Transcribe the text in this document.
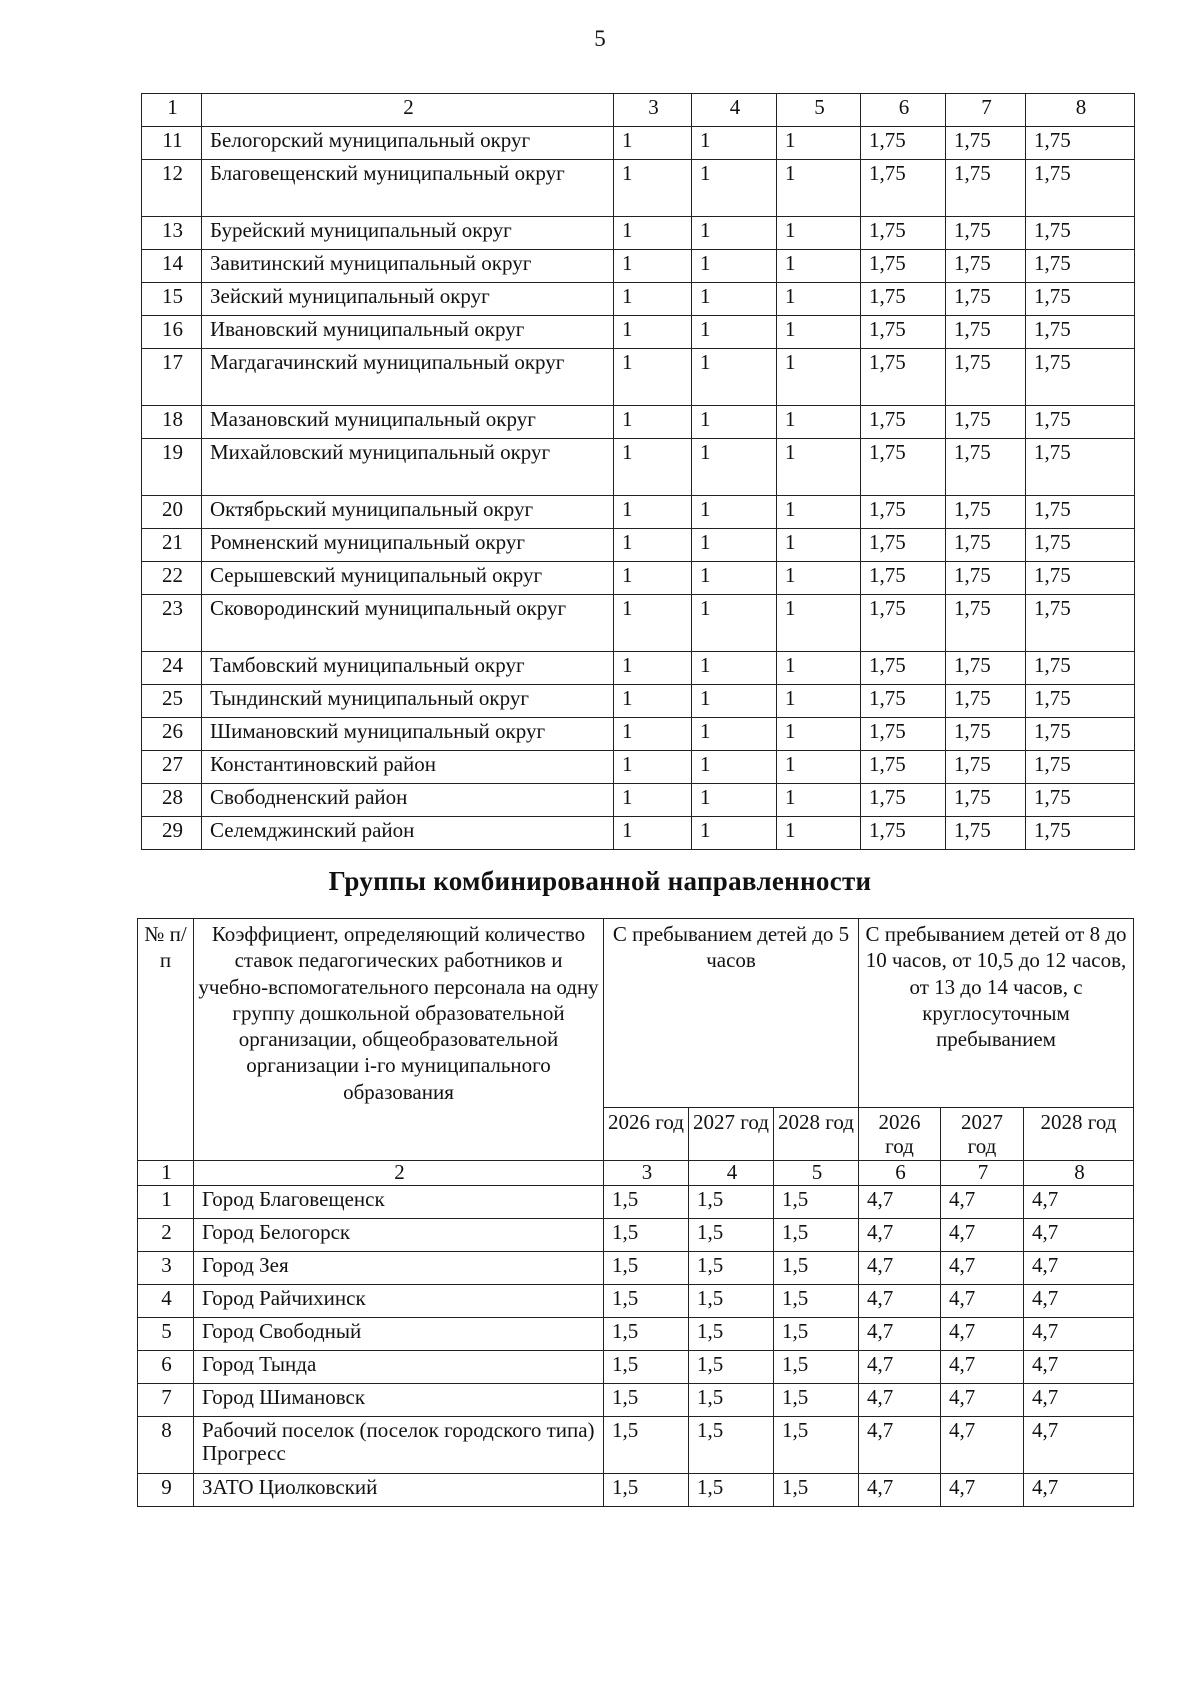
5
1	2	3	4	5	6	7	8
11	Белогорский муниципальный округ	1	1	1	1,75	1,75	1,75
12	Благовещенский муниципальный округ	1	1	1	1,75	1,75	1,75
13	Бурейский муниципальный округ	1	1	1	1,75	1,75	1,75
14	Завитинский муниципальный округ	1	1	1	1,75	1,75	1,75
15	Зейский муниципальный округ	1	1	1	1,75	1,75	1,75
16	Ивановский муниципальный округ	1	1	1	1,75	1,75	1,75
17	Магдагачинский муниципальный округ	1	1	1	1,75	1,75	1,75
18	Мазановский муниципальный округ	1	1	1	1,75	1,75	1,75
19	Михайловский муниципальный округ	1	1	1	1,75	1,75	1,75
20	Октябрьский муниципальный округ	1	1	1	1,75	1,75	1,75
21	Ромненский муниципальный округ	1	1	1	1,75	1,75	1,75
22	Серышевский муниципальный округ	1	1	1	1,75	1,75	1,75
23	Сковородинский муниципальный округ	1	1	1	1,75	1,75	1,75
24	Тамбовский муниципальный округ	1	1	1	1,75	1,75	1,75
25	Тындинский муниципальный округ	1	1	1	1,75	1,75	1,75
26	Шимановский муниципальный округ	1	1	1	1,75	1,75	1,75
27	Константиновский район	1	1	1	1,75	1,75	1,75
28	Свободненский район	1	1	1	1,75	1,75	1,75
29	Селемджинский район	1	1	1	1,75	1,75	1,75
Группы комбинированной направленности
№ п/п	Коэффициент, определяющий количество ставок педагогических работников и учебно-вспомогательного персонала на одну группу дошкольной образовательной организации, общеобразовательной организации i-го муниципального образования	С пребыванием детей до 5 часов			С пребыванием детей от 8 до 10 часов, от 10,5 до 12 часов, от 13 до 14 часов, с круглосуточным пребыванием		
		2026 год	2027 год	2028 год	2026 год	2027 год	2028 год
1	2	3	4	5	6	7	8
1	Город Благовещенск	1,5	1,5	1,5	4,7	4,7	4,7
2	Город Белогорск	1,5	1,5	1,5	4,7	4,7	4,7
3	Город Зея	1,5	1,5	1,5	4,7	4,7	4,7
4	Город Райчихинск	1,5	1,5	1,5	4,7	4,7	4,7
5	Город Свободный	1,5	1,5	1,5	4,7	4,7	4,7
6	Город Тында	1,5	1,5	1,5	4,7	4,7	4,7
7	Город Шимановск	1,5	1,5	1,5	4,7	4,7	4,7
8	Рабочий поселок (поселок городского типа) Прогресс	1,5	1,5	1,5	4,7	4,7	4,7
9	ЗАТО Циолковский	1,5	1,5	1,5	4,7	4,7	4,7
